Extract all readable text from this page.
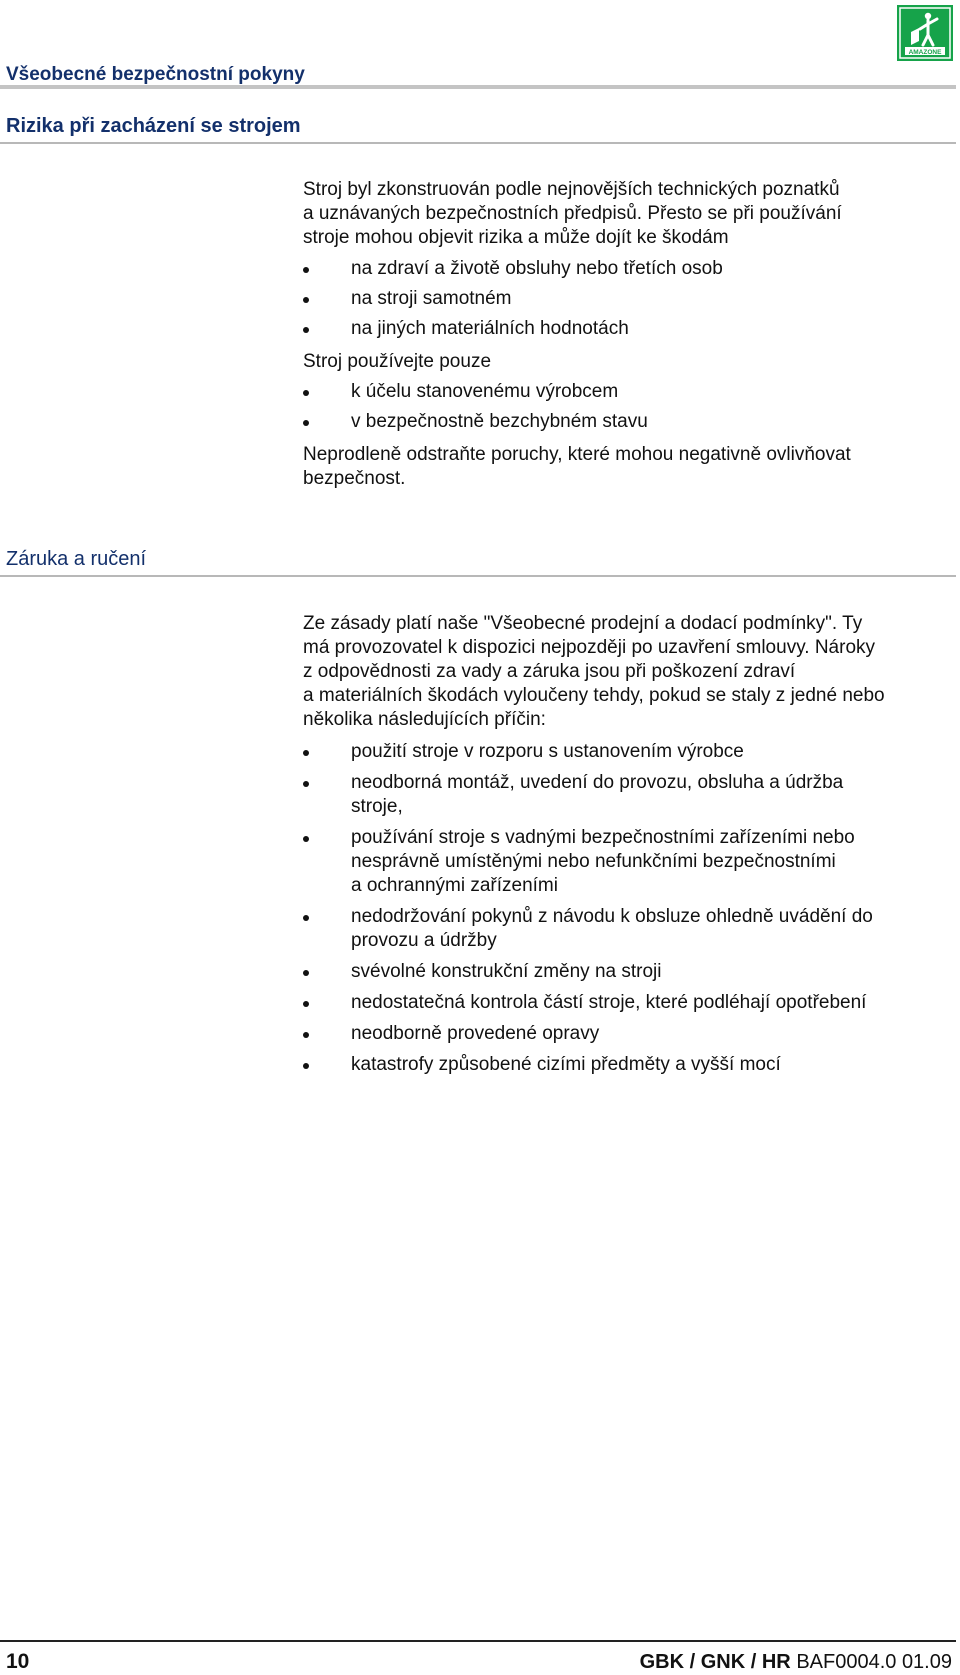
Všeobecné bezpečnostní pokyny
AMAZONE
Rizika při zacházení se strojem

Stroj byl zkonstruován podle nejnovějších technických poznatků
a uznávaných bezpečnostních předpisů. Přesto se při používání
stroje mohou objevit rizika a může dojít ke škodám

na zdraví a životě obsluhy nebo třetích osob
na stroji samotném
na jiných materiálních hodnotách

Stroj používejte pouze

k účelu stanovenému výrobcem
v bezpečnostně bezchybném stavu

Neprodleně odstraňte poruchy, které mohou negativně ovlivňovat
bezpečnost.

Záruka a ručení

Ze zásady platí naše "Všeobecné prodejní a dodací podmínky". Ty
má provozovatel k dispozici nejpozději po uzavření smlouvy. Nároky
z odpovědnosti za vady a záruka jsou při poškození zdraví
a materiálních škodách vyloučeny tehdy, pokud se staly z jedné nebo
několika následujících příčin:

použití stroje v rozporu s ustanovením výrobce
neodborná montáž, uvedení do provozu, obsluha a údržba
stroje,
používání stroje s vadnými bezpečnostními zařízeními nebo
nesprávně umístěnými nebo nefunkčními bezpečnostními
a ochrannými zařízeními
nedodržování pokynů z návodu k obsluze ohledně uvádění do
provozu a údržby
svévolné konstrukční změny na stroji
nedostatečná kontrola částí stroje, které podléhají opotřebení
neodborně provedené opravy
katastrofy způsobené cizími předměty a vyšší mocí
10	GBK / GNK / HR BAF0004.0 01.09
